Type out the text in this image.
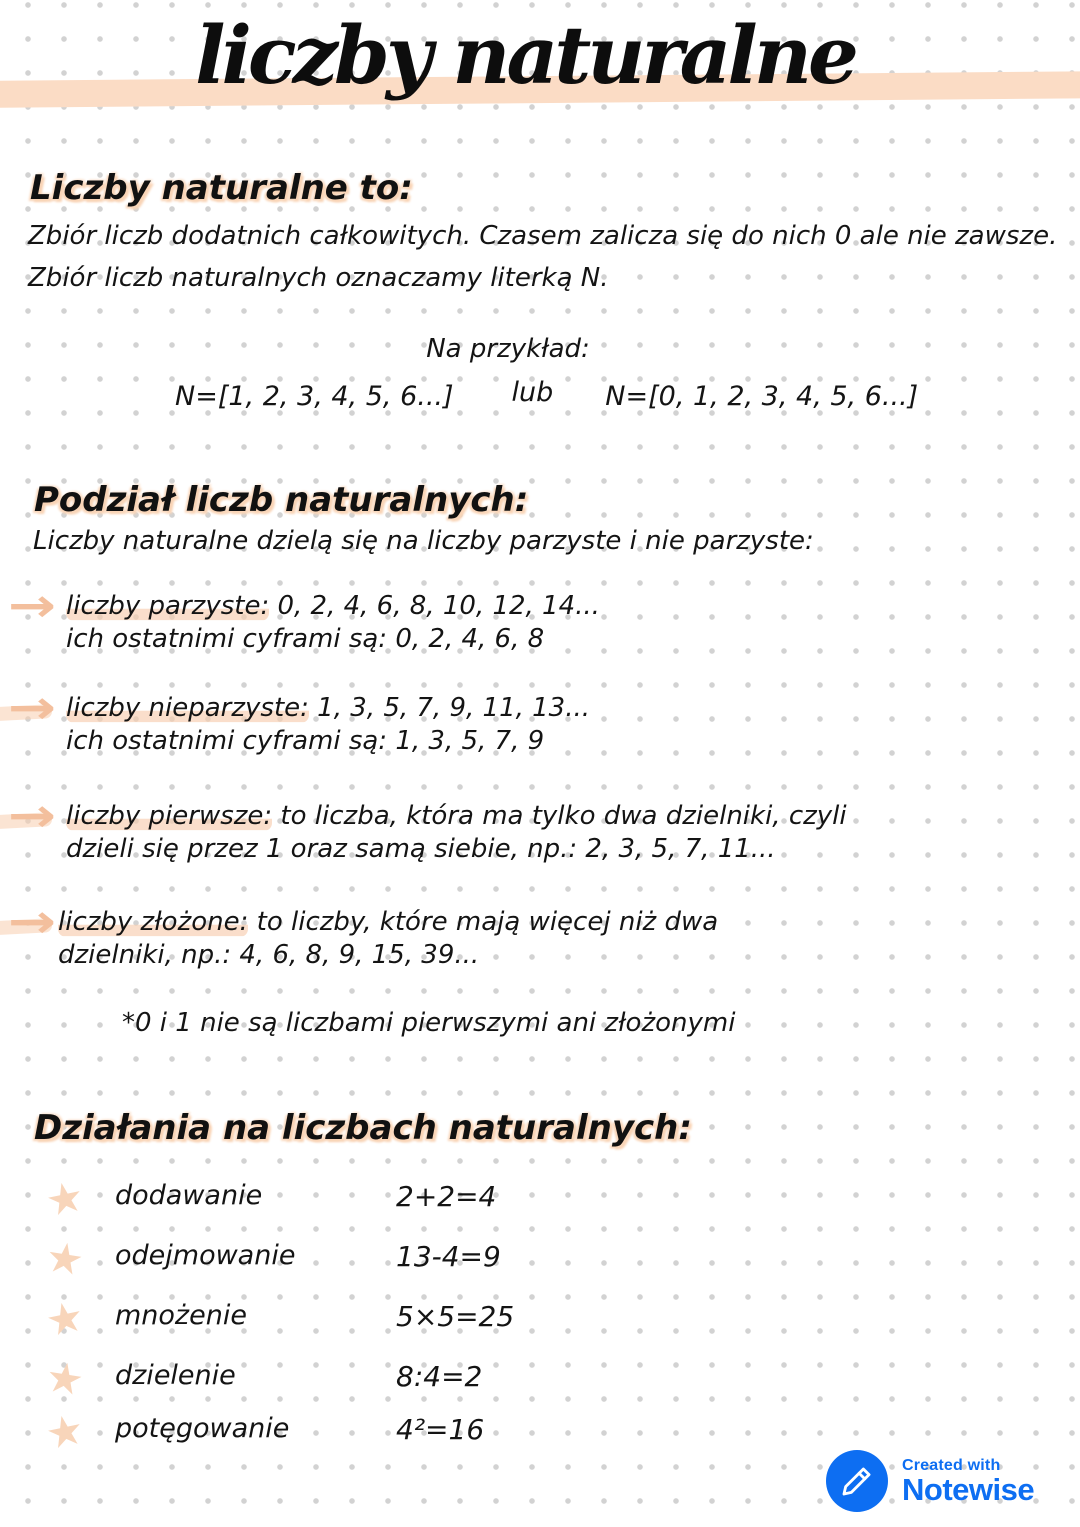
liczby naturalne
Liczby naturalne to:

Zbiór liczb dodatnich całkowitych. Czasem zalicza się do nich 0 ale nie zawsze.

Zbiór liczb naturalnych oznaczamy literką N.

Na przykład:

N=[1, 2, 3, 4, 5, 6...] lub N=[0, 1, 2, 3, 4, 5, 6...]
Podział liczb naturalnych:

Liczby naturalne dzielą się na liczby parzyste i nie parzyste:

→ liczby parzyste: 0, 2, 4, 6, 8, 10, 12, 14...
ich ostatnimi cyframi są: 0, 2, 4, 6, 8
→ liczby nieparzyste: 1, 3, 5, 7, 9, 11, 13...
ich ostatnimi cyframi są: 1, 3, 5, 7, 9
→ liczby pierwsze: to liczba, która ma tylko dwa dzielniki, czyli
dzieli się przez 1 oraz samą siebie, np.: 2, 3, 5, 7, 11...
→ liczby złożone: to liczby, które mają więcej niż dwa
dzielniki, np.: 4, 6, 8, 9, 15, 39...

*0 i 1 nie są liczbami pierwszymi ani złożonymi

Działania na liczbach naturalnych:
★ dodawanie	2+2=4
★ odejmowanie	13-4=9
★ mnożenie	5×5=25
★ dzielenie	8:4=2
★ potęgowanie	4²=16
Created with
Notewise
